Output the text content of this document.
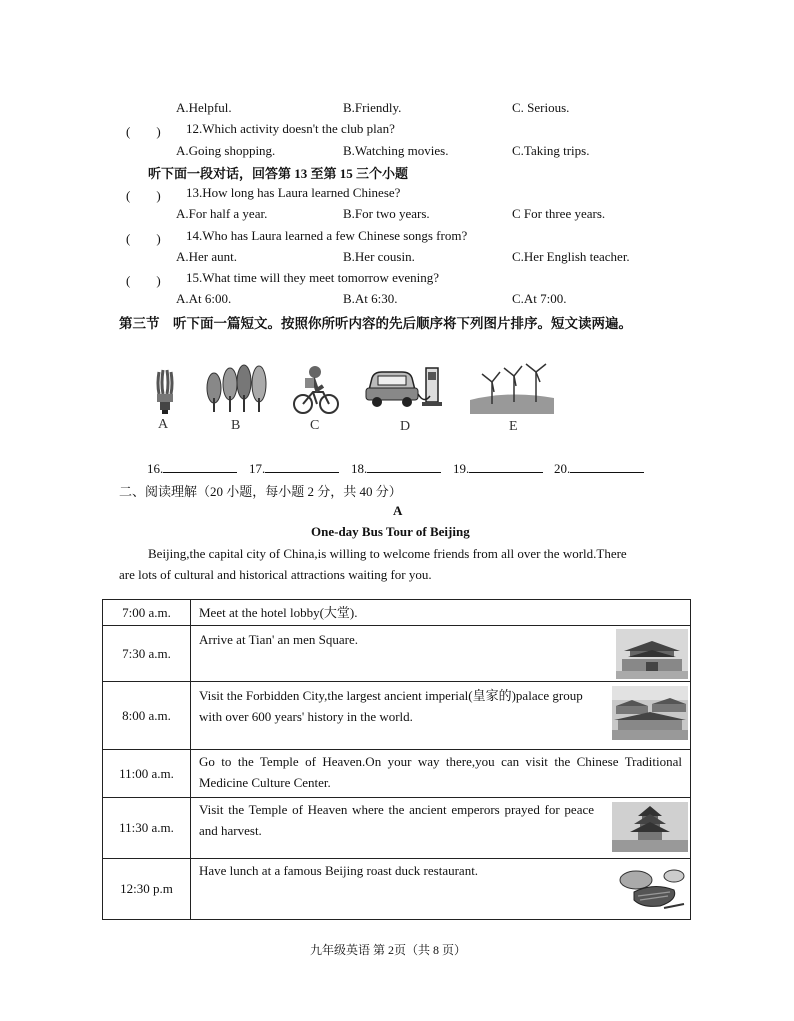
A.Helpful.	B.Friendly.	C. Serious.
(　　) 12.Which activity doesn't the club plan?
A.Going shopping.	B.Watching movies.	C.Taking trips.
听下面一段对话，回答第 13 至第 15 三个小题
(　　) 13.How long has Laura learned Chinese?
A.For half a year.	B.For two years.	C For three years.
(　　) 14.Who has Laura learned a few Chinese songs from?
A.Her aunt.	B.Her cousin.	C.Her English teacher.
(　　) 15.What time will they meet tomorrow evening?
A.At 6:00.	B.At 6:30.	C.At 7:00.
第三节　听下面一篇短文。按照你所听内容的先后顺序将下列图片排序。短文读两遍。
A	B	C	D	E
16.	17.	18.	19.	20.
二、阅读理解（20 小题，每小题 2 分，共 40 分）
A
One-day Bus Tour of Beijing
Beijing,the capital city of China,is willing to welcome friends from all over the world.There
are lots of cultural and historical attractions waiting for you.
7:00 a.m.	Meet at the hotel lobby(大堂).

7:30 a.m.	Arrive at Tian' an men Square.

8:00 a.m.	Visit the Forbidden City,the largest ancient imperial(皇家的)palace group with over 600 years' history in the world.

11:00 a.m.	Go to the Temple of Heaven.On your way there,you can visit the Chinese Traditional Medicine Culture Center.

11:30 a.m.	Visit the Temple of Heaven where the ancient emperors prayed for peace and harvest.

12:30 p.m	Have lunch at a famous Beijing roast duck restaurant.
九年级英语 第 2页（共 8 页）
